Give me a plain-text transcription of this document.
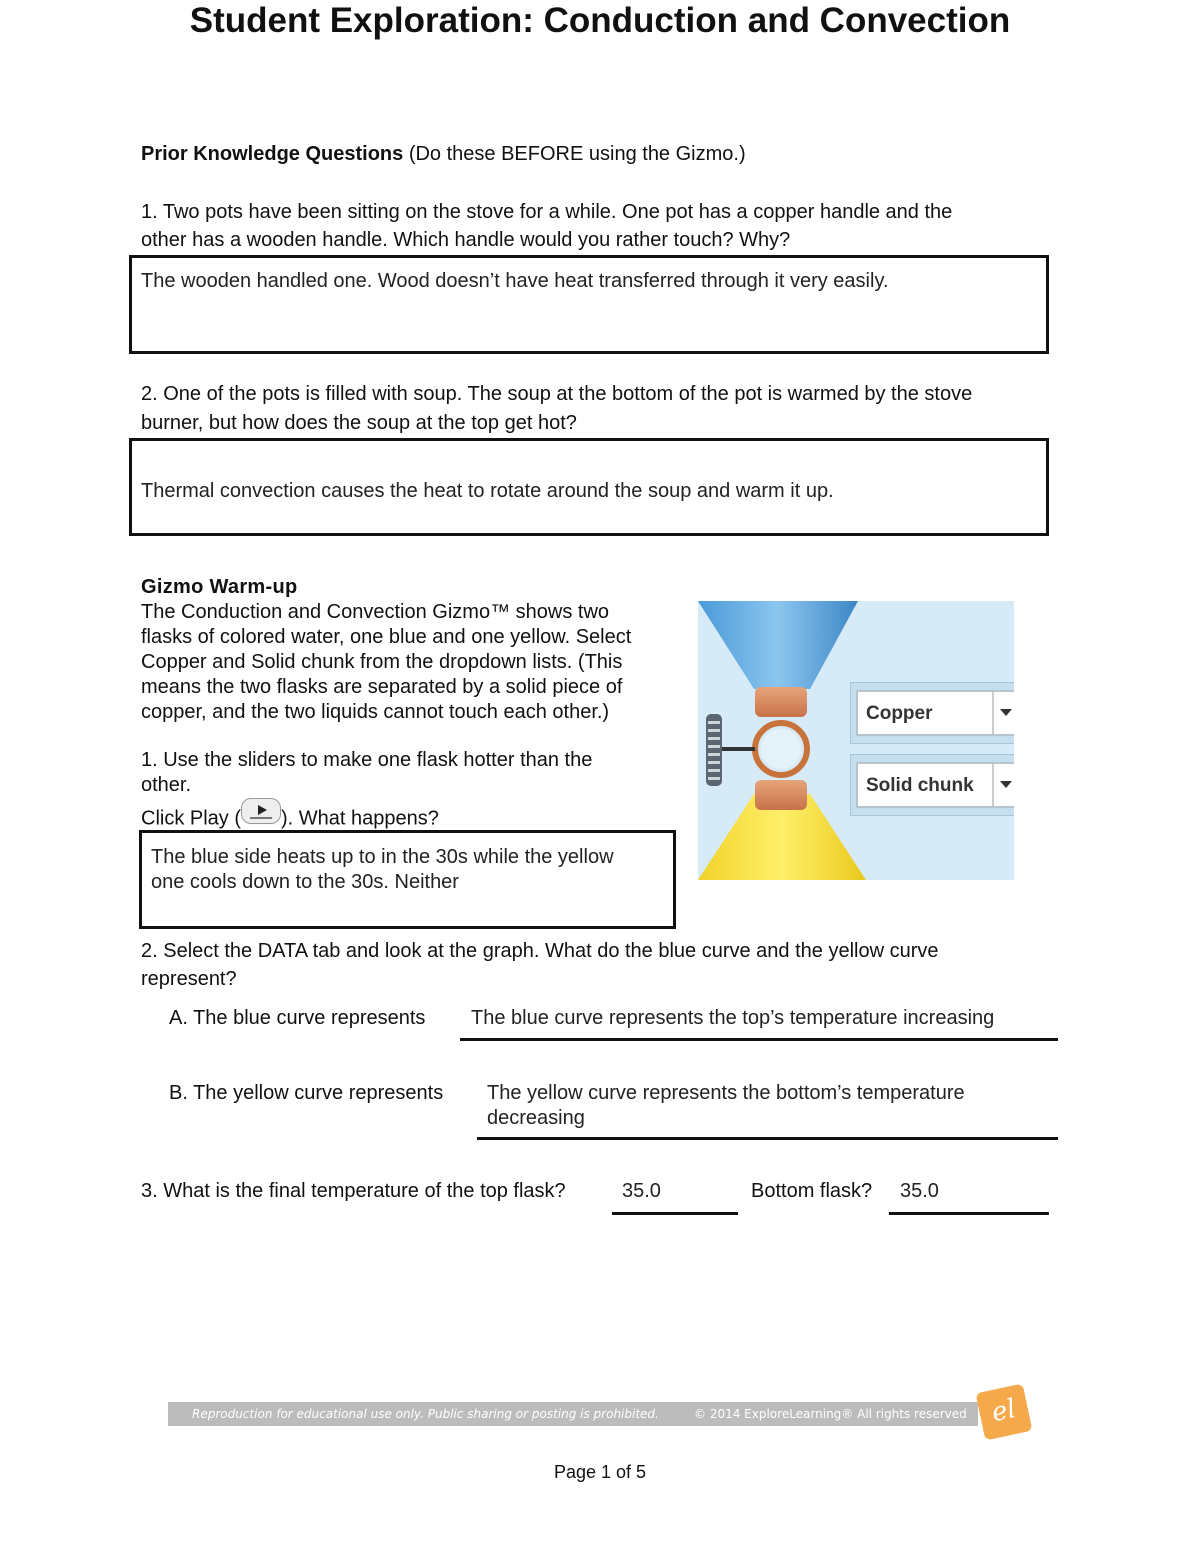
Student Exploration: Conduction and Convection
Prior Knowledge Questions (Do these BEFORE using the Gizmo.)
1. Two pots have been sitting on the stove for a while. One pot has a copper handle and the
other has a wooden handle. Which handle would you rather touch? Why?
The wooden handled one. Wood doesn’t have heat transferred through it very easily.
2. One of the pots is filled with soup. The soup at the bottom of the pot is warmed by the stove
burner, but how does the soup at the top get hot?
Thermal convection causes the heat to rotate around the soup and warm it up.
Gizmo Warm-up
The Conduction and Convection Gizmo™ shows two
flasks of colored water, one blue and one yellow. Select
Copper and Solid chunk from the dropdown lists. (This
means the two flasks are separated by a solid piece of
copper, and the two liquids cannot touch each other.)
1. Use the sliders to make one flask hotter than the
other.
Click Play ( ). What happens?
The blue side heats up to in the 30s while the yellow
one cools down to the 30s. Neither
Copper
Solid chunk
2. Select the DATA tab and look at the graph. What do the blue curve and the yellow curve
represent?
A. The blue curve represents The blue curve represents the top’s temperature increasing
B. The yellow curve represents The yellow curve represents the bottom’s temperature
decreasing
3. What is the final temperature of the top flask?	35.0	Bottom flask? 35.0
Reproduction for educational use only. Public sharing or posting is prohibited.	© 2014 ExploreLearning® All rights reserved el
Page 1 of 5
